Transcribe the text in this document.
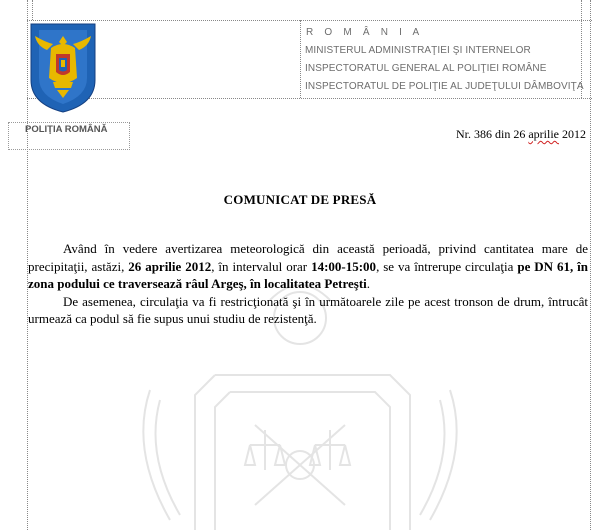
POLIŢIA ROMÂNĂ
R O M Â N I A
MINISTERUL ADMINISTRAŢIEI ŞI INTERNELOR
INSPECTORATUL GENERAL AL POLIŢIEI ROMÂNE
INSPECTORATUL DE POLIŢIE AL JUDEŢULUI DÂMBOVIŢA
Nr. 386 din 26 aprilie 2012
COMUNICAT DE PRESĂ

Având în vedere avertizarea meteorologică din această perioadă, privind cantitatea mare de precipitaţii, astăzi, 26 aprilie 2012, în intervalul orar 14:00-15:00, se va întrerupe circulaţia pe DN 61, în zona podului ce traversează râul Argeş, în localitatea Petreşti.

De asemenea, circulaţia va fi restricţionată şi în următoarele zile pe acest tronson de drum, întrucât urmează ca podul să fie supus unui studiu de rezistenţă.
